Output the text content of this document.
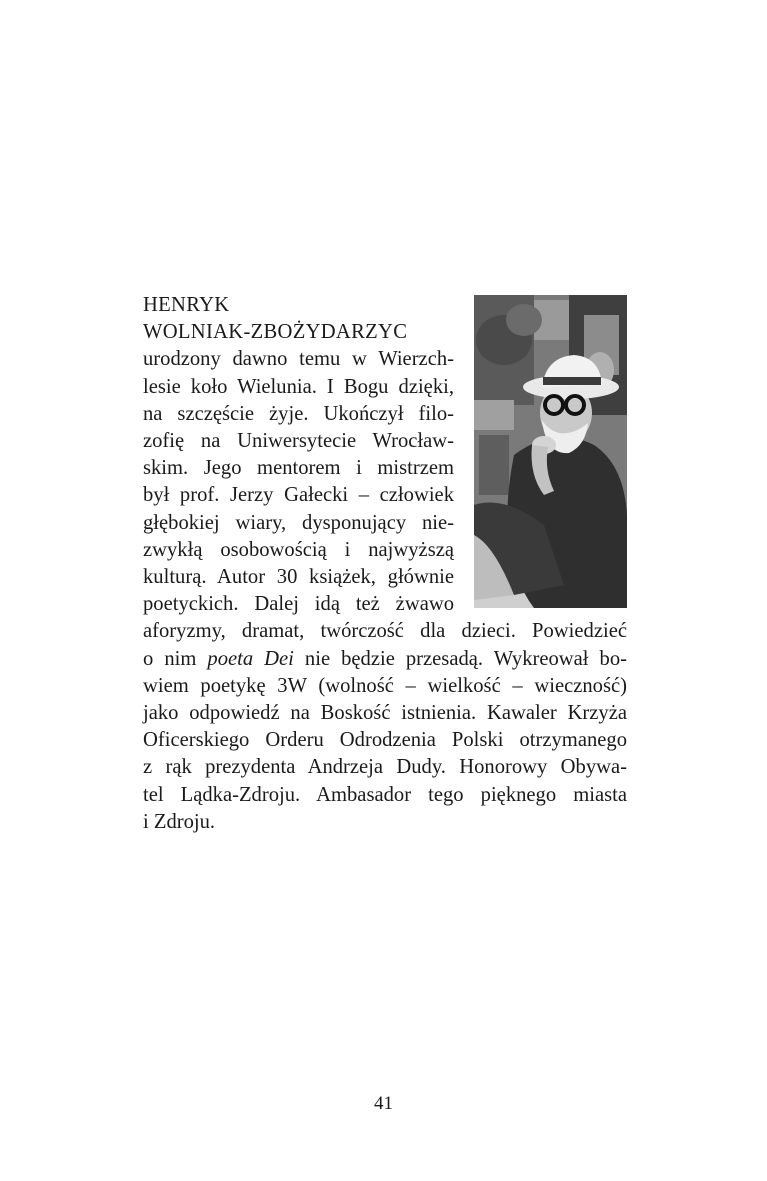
HENRYK
WOLNIAK-ZBOŻYDARZYC
urodzony dawno temu w Wierzch-
lesie koło Wielunia. I Bogu dzięki,
na szczęście żyje. Ukończył filo-
zofię na Uniwersytecie Wrocław-
skim. Jego mentorem i mistrzem
był prof. Jerzy Gałecki – człowiek
głębokiej wiary, dysponujący nie-
zwykłą osobowością i najwyższą
kulturą. Autor 30 książek, głównie
poetyckich. Dalej idą też żwawo
aforyzmy, dramat, twórczość dla dzieci. Powiedzieć
o nim poeta Dei nie będzie przesadą. Wykreował bo-
wiem poetykę 3W (wolność – wielkość – wieczność)
jako odpowiedź na Boskość istnienia. Kawaler Krzyża
Oficerskiego Orderu Odrodzenia Polski otrzymanego
z rąk prezydenta Andrzeja Dudy. Honorowy Obywa-
tel Lądka-Zdroju. Ambasador tego pięknego miasta
i Zdroju.
41
